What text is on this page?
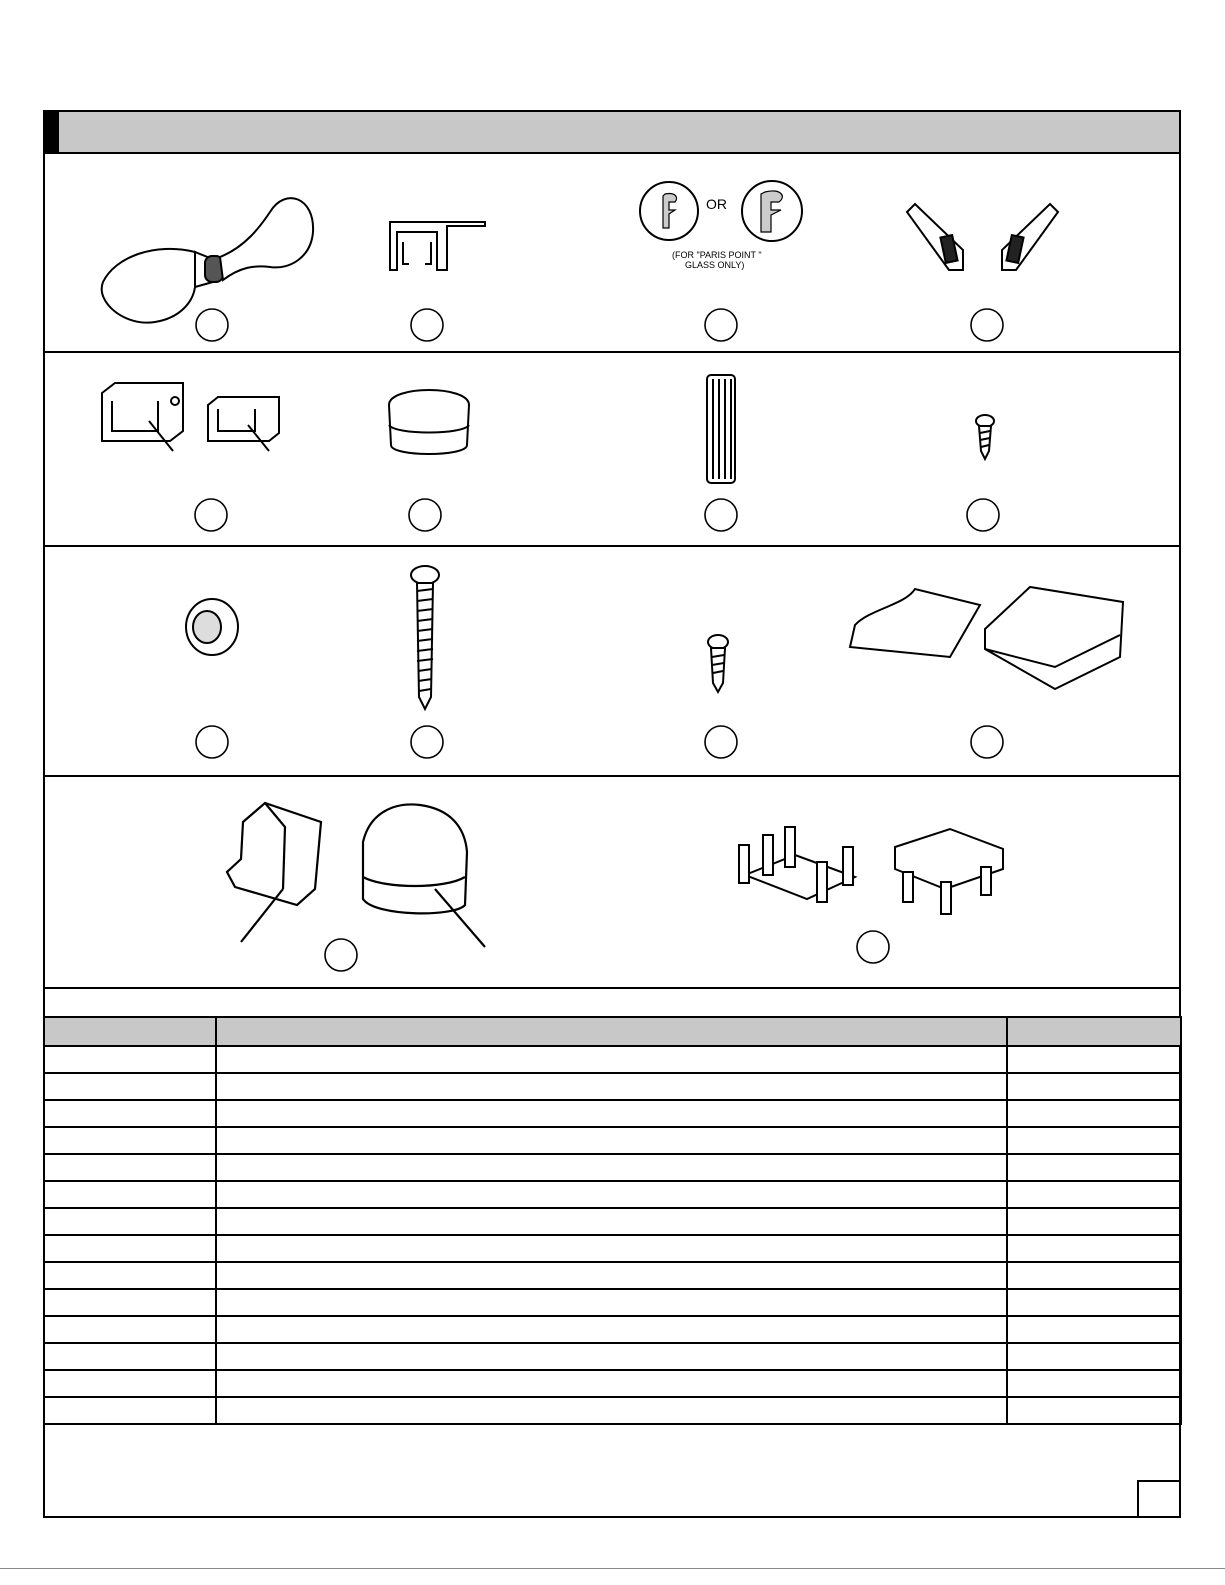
OR
(FOR "PARIS POINT "
GLASS ONLY)
